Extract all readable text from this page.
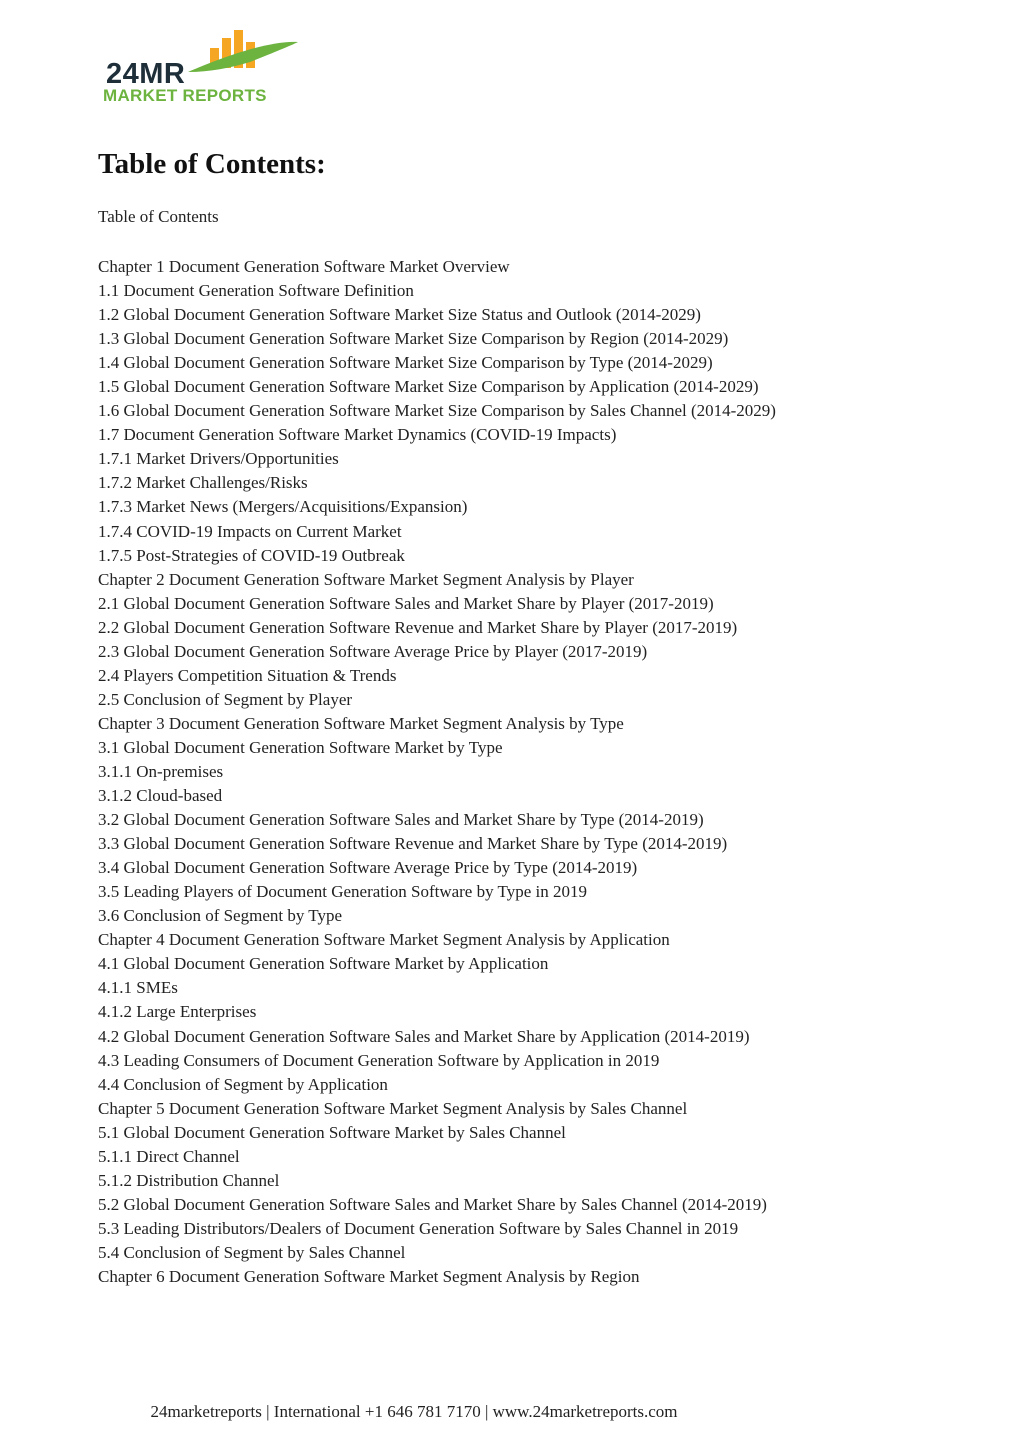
24MR
MARKET REPORTS
Table of Contents:
Table of Contents
Chapter 1 Document Generation Software Market Overview
1.1 Document Generation Software Definition
1.2 Global Document Generation Software Market Size Status and Outlook (2014-2029)
1.3 Global Document Generation Software Market Size Comparison by Region (2014-2029)
1.4 Global Document Generation Software Market Size Comparison by Type (2014-2029)
1.5 Global Document Generation Software Market Size Comparison by Application (2014-2029)
1.6 Global Document Generation Software Market Size Comparison by Sales Channel (2014-2029)
1.7 Document Generation Software Market Dynamics (COVID-19 Impacts)
1.7.1 Market Drivers/Opportunities
1.7.2 Market Challenges/Risks
1.7.3 Market News (Mergers/Acquisitions/Expansion)
1.7.4 COVID-19 Impacts on Current Market
1.7.5 Post-Strategies of COVID-19 Outbreak
Chapter 2 Document Generation Software Market Segment Analysis by Player
2.1 Global Document Generation Software Sales and Market Share by Player (2017-2019)
2.2 Global Document Generation Software Revenue and Market Share by Player (2017-2019)
2.3 Global Document Generation Software Average Price by Player (2017-2019)
2.4 Players Competition Situation & Trends
2.5 Conclusion of Segment by Player
Chapter 3 Document Generation Software Market Segment Analysis by Type
3.1 Global Document Generation Software Market by Type
3.1.1 On-premises
3.1.2 Cloud-based
3.2 Global Document Generation Software Sales and Market Share by Type (2014-2019)
3.3 Global Document Generation Software Revenue and Market Share by Type (2014-2019)
3.4 Global Document Generation Software Average Price by Type (2014-2019)
3.5 Leading Players of Document Generation Software by Type in 2019
3.6 Conclusion of Segment by Type
Chapter 4 Document Generation Software Market Segment Analysis by Application
4.1 Global Document Generation Software Market by Application
4.1.1 SMEs
4.1.2 Large Enterprises
4.2 Global Document Generation Software Sales and Market Share by Application (2014-2019)
4.3 Leading Consumers of Document Generation Software by Application in 2019
4.4 Conclusion of Segment by Application
Chapter 5 Document Generation Software Market Segment Analysis by Sales Channel
5.1 Global Document Generation Software Market by Sales Channel
5.1.1 Direct Channel
5.1.2 Distribution Channel
5.2 Global Document Generation Software Sales and Market Share by Sales Channel (2014-2019)
5.3 Leading Distributors/Dealers of Document Generation Software by Sales Channel in 2019
5.4 Conclusion of Segment by Sales Channel
Chapter 6 Document Generation Software Market Segment Analysis by Region
24marketreports | International +1 646 781 7170 | www.24marketreports.com
